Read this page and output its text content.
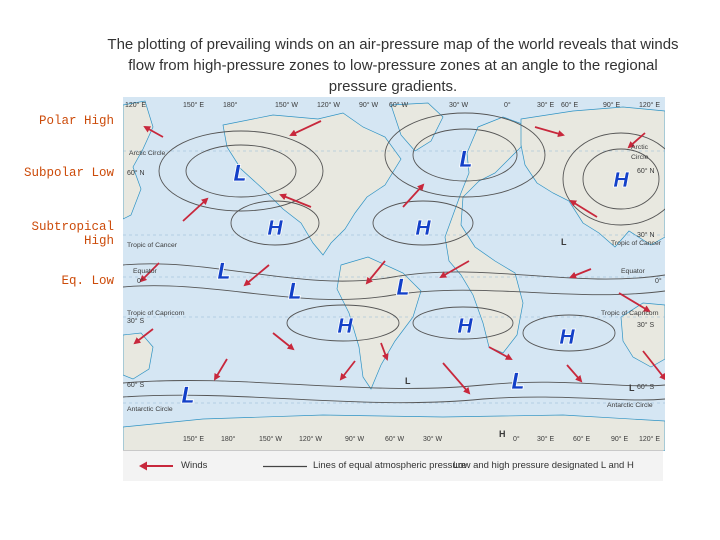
The plotting of prevailing winds on an air-pressure map of the world reveals that winds
flow from high-pressure zones to low-pressure zones at an angle to the regional
pressure gradients.
Polar High
Subpolar Low
Subtropical High
Eq. Low
120° E	150° E	180°	150° W	120° W	90° W 60° W	30° W	0°	30° E 60° E	90° E	120° E
150° E 180°	150° W 120° W	90° W	60° W	30° W	0° 30° E	60° E	90° E 120° E
60° N	60° N
30° N
0°	0°
30° S
30° S
60° S	60° S
Arctic Circle
Arctic
Circle
Tropic of Cancer	Tropic of Cancer
Equator	Equator
Tropic of Capricorn	Tropic of Capricorn
Antarctic Circle
Antarctic Circle
L
L
H
H	H
L
L	L
H	H	H
L
L
L
L
L
H
Winds	Lines of equal atmospheric pressure
Low and high pressure designated L and H
